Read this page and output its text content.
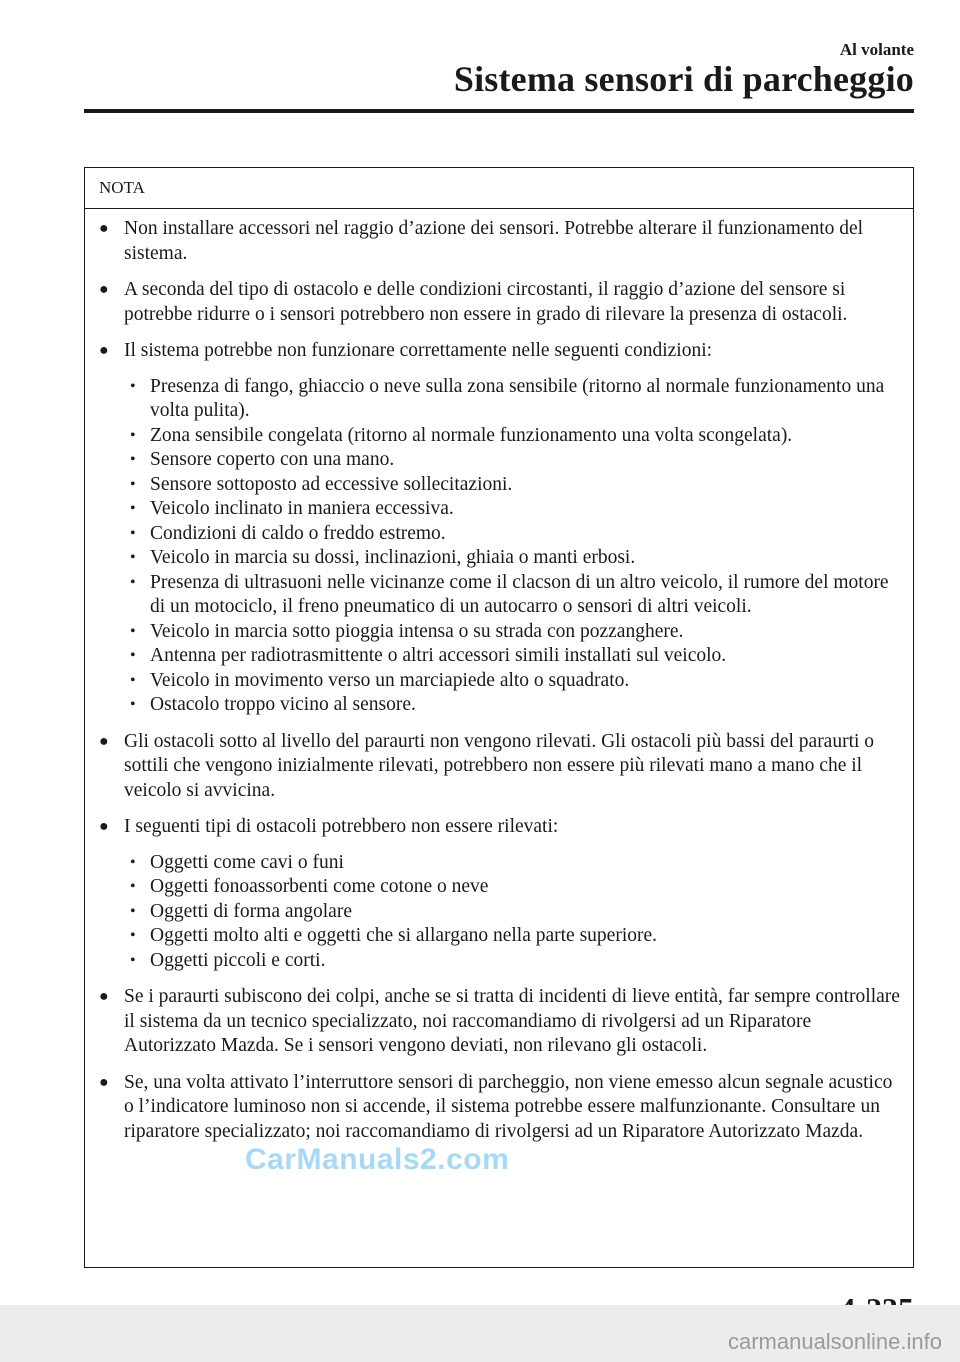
Al volante
Sistema sensori di parcheggio
NOTA
● Non installare accessori nel raggio d’azione dei sensori. Potrebbe alterare il funzionamento del sistema.
● A seconda del tipo di ostacolo e delle condizioni circostanti, il raggio d’azione del sensore si potrebbe ridurre o i sensori potrebbero non essere in grado di rilevare la presenza di ostacoli.
● Il sistema potrebbe non funzionare correttamente nelle seguenti condizioni:
• Presenza di fango, ghiaccio o neve sulla zona sensibile (ritorno al normale funzionamento una volta pulita).
• Zona sensibile congelata (ritorno al normale funzionamento una volta scongelata).
• Sensore coperto con una mano.
• Sensore sottoposto ad eccessive sollecitazioni.
• Veicolo inclinato in maniera eccessiva.
• Condizioni di caldo o freddo estremo.
• Veicolo in marcia su dossi, inclinazioni, ghiaia o manti erbosi.
• Presenza di ultrasuoni nelle vicinanze come il clacson di un altro veicolo, il rumore del motore di un motociclo, il freno pneumatico di un autocarro o sensori di altri veicoli.
• Veicolo in marcia sotto pioggia intensa o su strada con pozzanghere.
• Antenna per radiotrasmittente o altri accessori simili installati sul veicolo.
• Veicolo in movimento verso un marciapiede alto o squadrato.
• Ostacolo troppo vicino al sensore.
● Gli ostacoli sotto al livello del paraurti non vengono rilevati. Gli ostacoli più bassi del paraurti o sottili che vengono inizialmente rilevati, potrebbero non essere più rilevati mano a mano che il veicolo si avvicina.
● I seguenti tipi di ostacoli potrebbero non essere rilevati:
• Oggetti come cavi o funi
• Oggetti fonoassorbenti come cotone o neve
• Oggetti di forma angolare
• Oggetti molto alti e oggetti che si allargano nella parte superiore.
• Oggetti piccoli e corti.
● Se i paraurti subiscono dei colpi, anche se si tratta di incidenti di lieve entità, far sempre controllare il sistema da un tecnico specializzato, noi raccomandiamo di rivolgersi ad un Riparatore Autorizzato Mazda. Se i sensori vengono deviati, non rilevano gli ostacoli.
● Se, una volta attivato l’interruttore sensori di parcheggio, non viene emesso alcun segnale acustico o l’indicatore luminoso non si accende, il sistema potrebbe essere malfunzionante. Consultare un riparatore specializzato; noi raccomandiamo di rivolgersi ad un Riparatore Autorizzato Mazda.
CarManuals2.com
carmanualsonline.info
